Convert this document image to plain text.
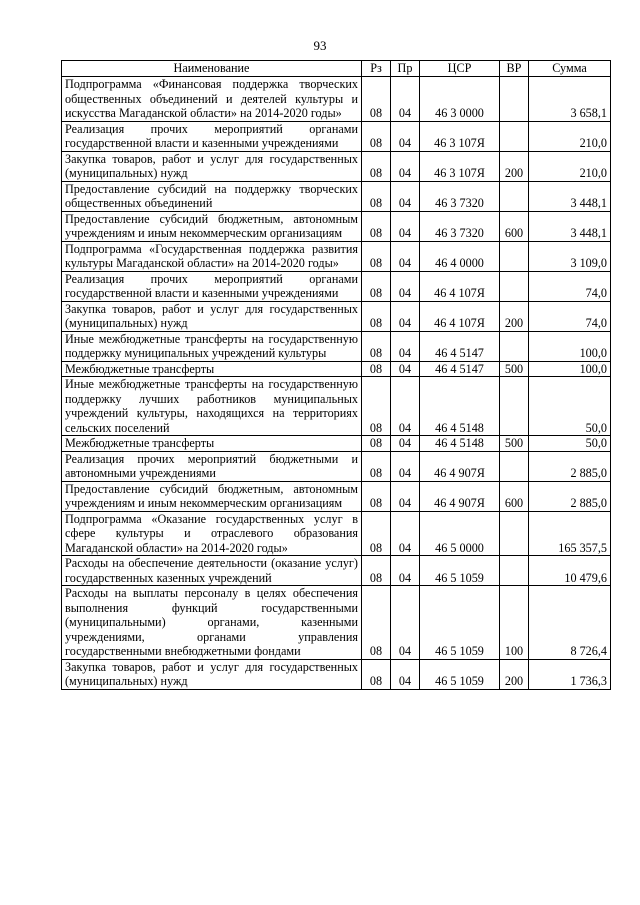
93
Наименование	Рз	Пр	ЦСР	ВР	Сумма
Подпрограмма «Финансовая поддержка творческих общественных объединений и деятелей культуры и искусства Магаданской области» на 2014-2020 годы»	08	04	46 3 0000		3 658,1
Реализация прочих мероприятий органами государственной власти и казенными учреждениями	08	04	46 3 107Я		210,0
Закупка товаров, работ и услуг для государственных (муниципальных) нужд	08	04	46 3 107Я	200	210,0
Предоставление субсидий на поддержку творческих общественных объединений	08	04	46 3 7320		3 448,1
Предоставление субсидий бюджетным, автономным учреждениям и иным некоммерческим организациям	08	04	46 3 7320	600	3 448,1
Подпрограмма «Государственная поддержка развития культуры Магаданской области» на 2014-2020 годы»	08	04	46 4 0000		3 109,0
Реализация прочих мероприятий органами государственной власти и казенными учреждениями	08	04	46 4 107Я		74,0
Закупка товаров, работ и услуг для государственных (муниципальных) нужд	08	04	46 4 107Я	200	74,0
Иные межбюджетные трансферты на государственную поддержку муниципальных учреждений культуры	08	04	46 4 5147		100,0
Межбюджетные трансферты	08	04	46 4 5147	500	100,0
Иные межбюджетные трансферты на государственную поддержку лучших работников муниципальных учреждений культуры, находящихся на территориях сельских поселений	08	04	46 4 5148		50,0
Межбюджетные трансферты	08	04	46 4 5148	500	50,0
Реализация прочих мероприятий бюджетными и автономными учреждениями	08	04	46 4 907Я		2 885,0
Предоставление субсидий бюджетным, автономным учреждениям и иным некоммерческим организациям	08	04	46 4 907Я	600	2 885,0
Подпрограмма «Оказание государственных услуг в сфере культуры и отраслевого образования Магаданской области» на 2014-2020 годы»	08	04	46 5 0000		165 357,5
Расходы на обеспечение деятельности (оказание услуг) государственных казенных учреждений	08	04	46 5 1059		10 479,6
Расходы на выплаты персоналу в целях обеспечения выполнения функций государственными (муниципальными) органами, казенными учреждениями, органами управления государственными внебюджетными фондами	08	04	46 5 1059	100	8 726,4
Закупка товаров, работ и услуг для государственных (муниципальных) нужд	08	04	46 5 1059	200	1 736,3
